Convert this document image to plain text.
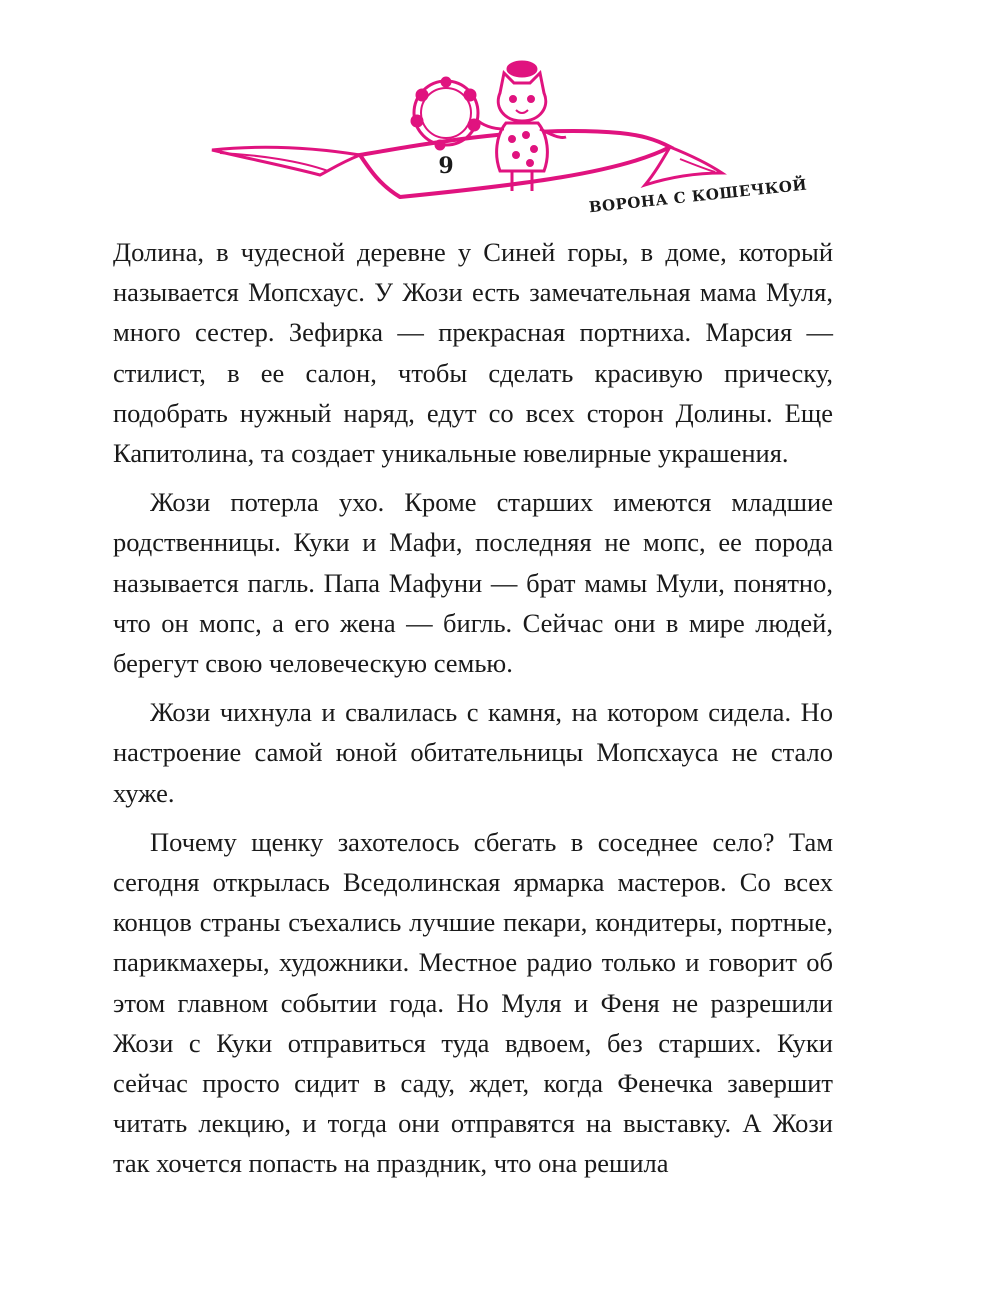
9
ВОРОНА С КОШЕЧКОЙ

Долина, в чудесной деревне у Синей горы, в доме, который называется Мопсхаус. У Жози есть замечательная мама Муля, много сестер. Зефирка — прекрасная портниха. Марсия — стилист, в ее салон, чтобы сделать красивую прическу, подобрать нужный наряд, едут со всех сторон Долины. Еще Капитолина, та создает уникальные ювелирные украшения.

Жози потерла ухо. Кроме старших имеются младшие родственницы. Куки и Мафи, последняя не мопс, ее порода называется пагль. Папа Мафуни — брат мамы Мули, понятно, что он мопс, а его жена — бигль. Сейчас они в мире людей, берегут свою человеческую семью.

Жози чихнула и свалилась с камня, на котором сидела. Но настроение самой юной обитательницы Мопсхауса не стало хуже.

Почему щенку захотелось сбегать в соседнее село? Там сегодня открылась Вседолинская ярмарка мастеров. Со всех концов страны съехались лучшие пекари, кондитеры, портные, парикмахеры, художники. Местное радио только и говорит об этом главном событии года. Но Муля и Феня не разрешили Жози с Куки отправиться туда вдвоем, без старших. Куки сейчас просто сидит в саду, ждет, когда Фенечка завершит читать лекцию, и тогда они отправятся на выставку. А Жози так хочется попасть на праздник, что она решила
